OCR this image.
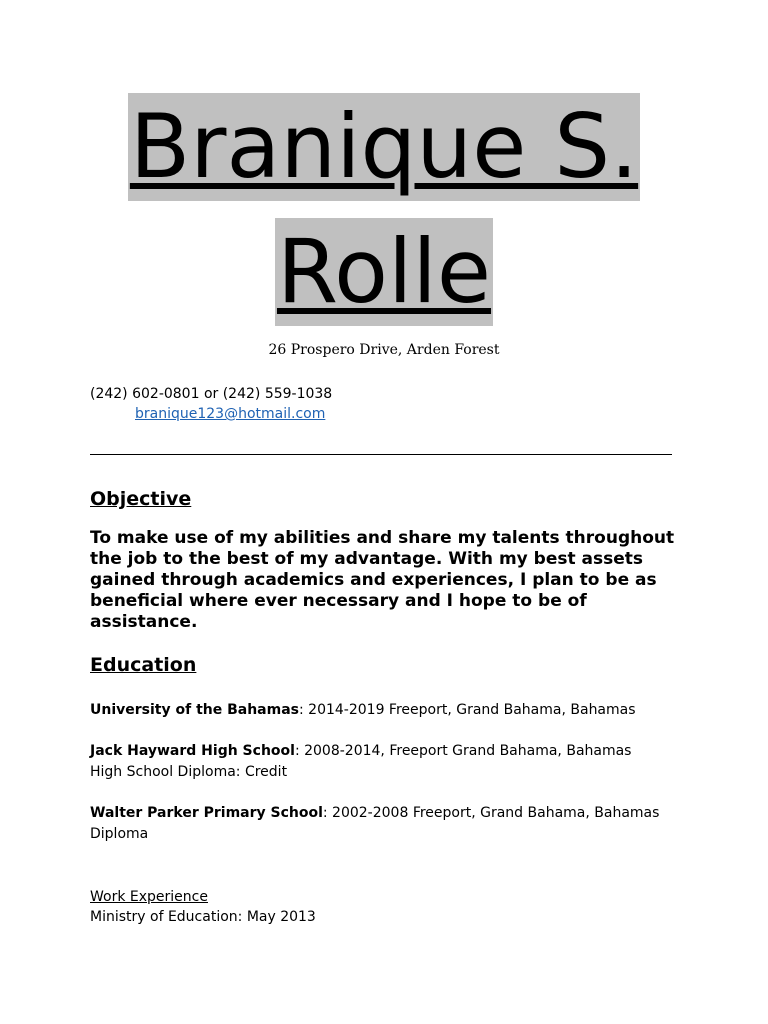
Branique S.
Rolle
26 Prospero Drive, Arden Forest
(242) 602-0801 or (242) 559-1038
branique123@hotmail.com
Objective
To make use of my abilities and share my talents throughout the job to the best of my advantage. With my best assets gained through academics and experiences, I plan to be as beneficial where ever necessary and I hope to be of assistance.
Education
University of the Bahamas: 2014-2019 Freeport, Grand Bahama, Bahamas
Jack Hayward High School: 2008-2014, Freeport Grand Bahama, Bahamas
High School Diploma: Credit
Walter Parker Primary School: 2002-2008 Freeport, Grand Bahama, Bahamas
Diploma
Work Experience
Ministry of Education: May 2013
